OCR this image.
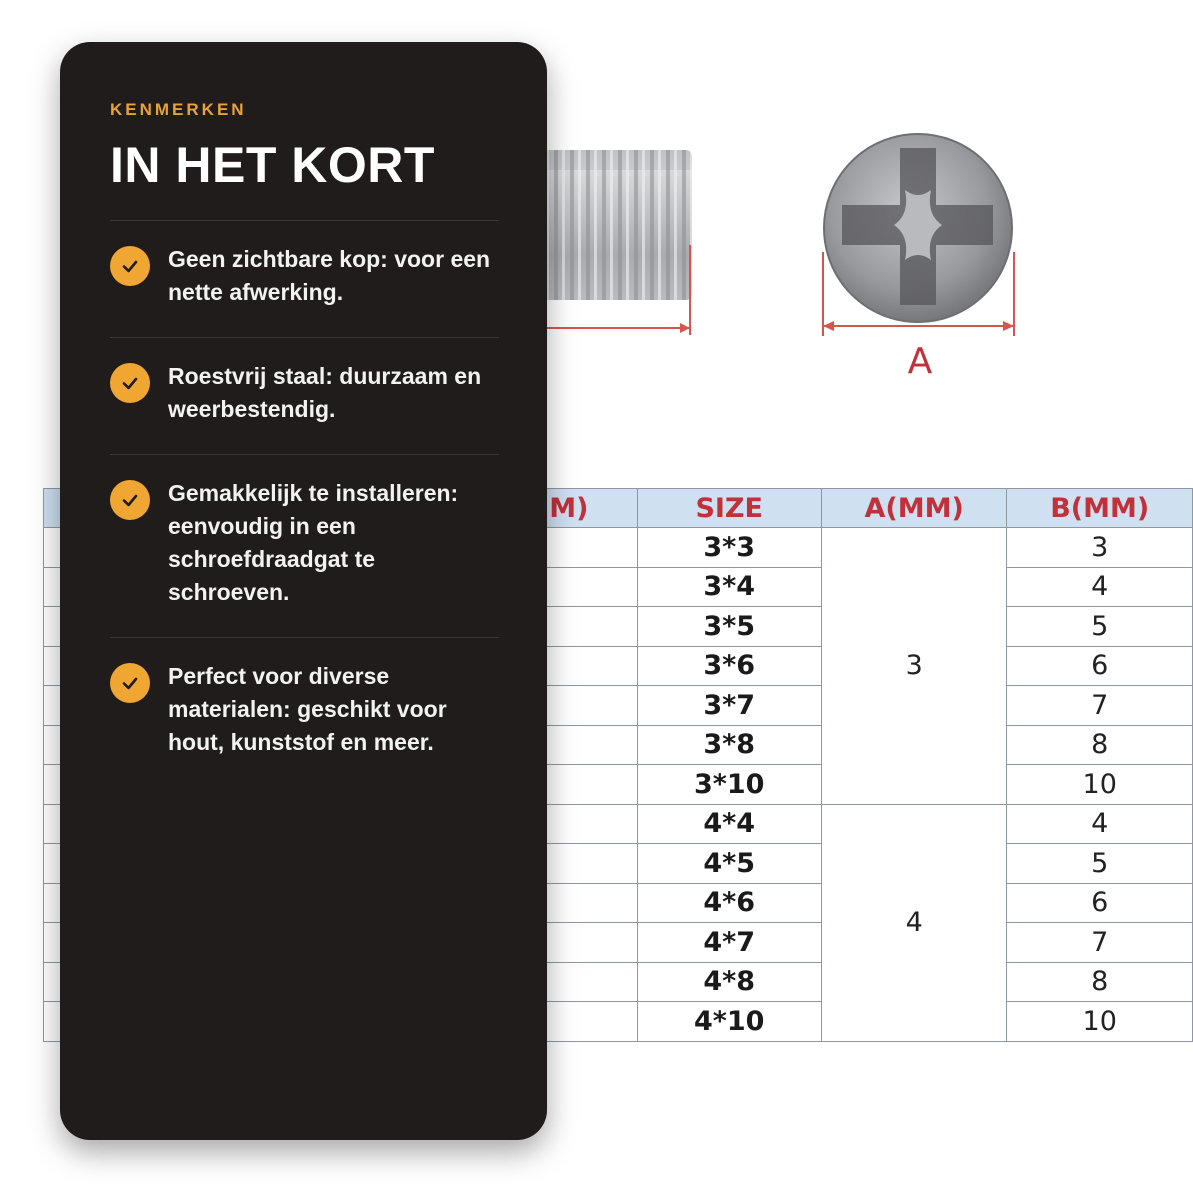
A
M)	SIZE	A(MM)	B(MM)
	3*3	3	3
	3*4		4
	3*5		5
	3*6		6
	3*7		7
	3*8		8
	3*10		10
	4*4	4	4
	4*5		5
	4*6		6
	4*7		7
	4*8		8
	4*10		10
KENMERKEN
IN HET KORT
Geen zichtbare kop: voor een nette afwerking.
Roestvrij staal: duurzaam en weerbestendig.
Gemakkelijk te installeren: eenvoudig in een schroefdraadgat te schroeven.
Perfect voor diverse materialen: geschikt voor hout, kunststof en meer.
